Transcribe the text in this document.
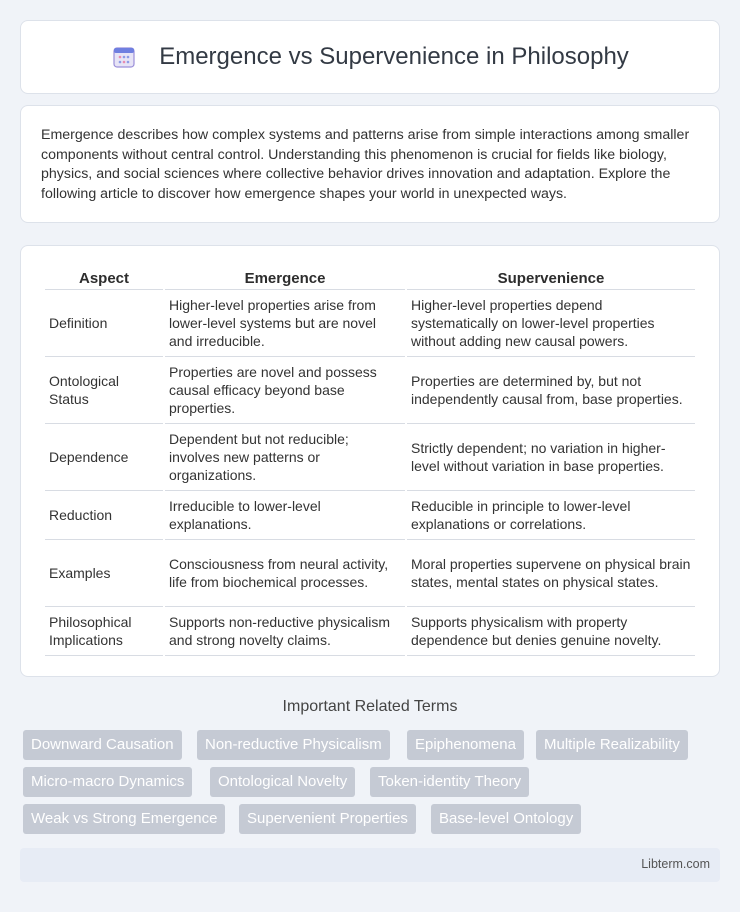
Emergence vs Supervenience in Philosophy

Emergence describes how complex systems and patterns arise from simple interactions among smaller components without central control. Understanding this phenomenon is crucial for fields like biology, physics, and social sciences where collective behavior drives innovation and adaptation. Explore the following article to discover how emergence shapes your world in unexpected ways.

Aspect	Emergence	Supervenience
Definition	Higher-level properties arise from lower-level systems but are novel and irreducible.	Higher-level properties depend systematically on lower-level properties without adding new causal powers.
Ontological Status	Properties are novel and possess causal efficacy beyond base properties.	Properties are determined by, but not independently causal from, base properties.
Dependence	Dependent but not reducible; involves new patterns or organizations.	Strictly dependent; no variation in higher-level without variation in base properties.
Reduction	Irreducible to lower-level explanations.	Reducible in principle to lower-level explanations or correlations.
Examples	Consciousness from neural activity, life from biochemical processes.	Moral properties supervene on physical brain states, mental states on physical states.
Philosophical Implications	Supports non-reductive physicalism and strong novelty claims.	Supports physicalism with property dependence but denies genuine novelty.
Important Related Terms
Downward Causation	Non-reductive Physicalism	Epiphenomena	Multiple Realizability
Micro-macro Dynamics	Ontological Novelty	Token-identity Theory
Weak vs Strong Emergence	Supervenient Properties	Base-level Ontology
Libterm.com
